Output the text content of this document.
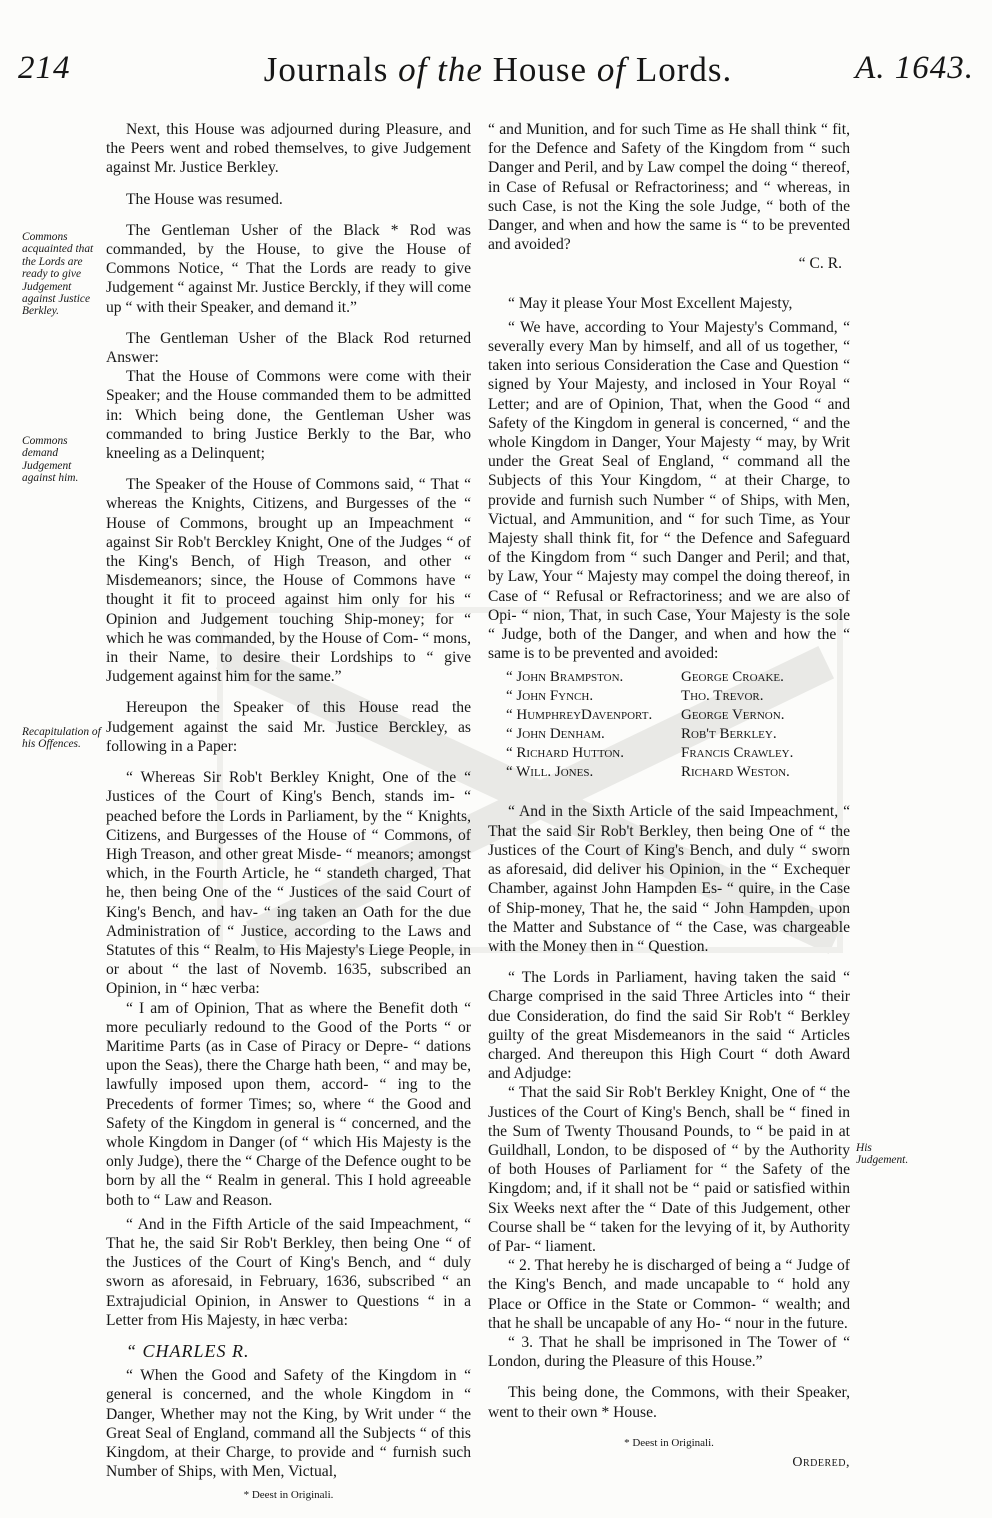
214	Journals of the House of Lords.	A. 1643.
Commons acquainted that the Lords are ready to give Judgement against Justice Berkley.
Commons demand Judgement against him.
Recapitulation of his Offences.
His Judgement.

Next, this House was adjourned during Pleasure, and the Peers went and robed themselves, to give Judgement against Mr. Justice Berkley.

The House was resumed.

The Gentleman Usher of the Black * Rod was commanded, by the House, to give the House of Commons Notice, “ That the Lords are ready to give Judgement “ against Mr. Justice Berckly, if they will come up “ with their Speaker, and demand it.”

The Gentleman Usher of the Black Rod returned Answer:

That the House of Commons were come with their Speaker; and the House commanded them to be admitted in: Which being done, the Gentleman Usher was commanded to bring Justice Berkly to the Bar, who kneeling as a Delinquent;

The Speaker of the House of Commons said, “ That “ whereas the Knights, Citizens, and Burgesses of the “ House of Commons, brought up an Impeachment “ against Sir Rob't Berckley Knight, One of the Judges “ of the King's Bench, of High Treason, and other “ Misdemeanors; since, the House of Commons have “ thought it fit to proceed against him only for his “ Opinion and Judgement touching Ship-money; for “ which he was commanded, by the House of Com- “ mons, in their Name, to desire their Lordships to “ give Judgement against him for the same.”

Hereupon the Speaker of this House read the Judgement against the said Mr. Justice Berckley, as following in a Paper:

“ Whereas Sir Rob't Berkley Knight, One of the “ Justices of the Court of King's Bench, stands im- “ peached before the Lords in Parliament, by the “ Knights, Citizens, and Burgesses of the House of “ Commons, of High Treason, and other great Misde- “ meanors; amongst which, in the Fourth Article, he “ standeth charged, That he, then being One of the “ Justices of the said Court of King's Bench, and hav- “ ing taken an Oath for the due Administration of “ Justice, according to the Laws and Statutes of this “ Realm, to His Majesty's Liege People, in or about “ the last of Novemb. 1635, subscribed an Opinion, in “ hæc verba:

“ I am of Opinion, That as where the Benefit doth “ more peculiarly redound to the Good of the Ports “ or Maritime Parts (as in Case of Piracy or Depre- “ dations upon the Seas), there the Charge hath been, “ and may be, lawfully imposed upon them, accord- “ ing to the Precedents of former Times; so, where “ the Good and Safety of the Kingdom in general is “ concerned, and the whole Kingdom in Danger (of “ which His Majesty is the only Judge), there the “ Charge of the Defence ought to be born by all the “ Realm in general. This I hold agreeable both to “ Law and Reason.

“ And in the Fifth Article of the said Impeachment, “ That he, the said Sir Rob't Berkley, then being One “ of the Justices of the Court of King's Bench, and “ duly sworn as aforesaid, in February, 1636, subscribed “ an Extrajudicial Opinion, in Answer to Questions “ in a Letter from His Majesty, in hæc verba:

“ CHARLES R.

“ When the Good and Safety of the Kingdom in “ general is concerned, and the whole Kingdom in “ Danger, Whether may not the King, by Writ under “ the Great Seal of England, command all the Subjects “ of this Kingdom, at their Charge, to provide and “ furnish such Number of Ships, with Men, Victual,

* Deest in Originali.

“ and Munition, and for such Time as He shall think “ fit, for the Defence and Safety of the Kingdom from “ such Danger and Peril, and by Law compel the doing “ thereof, in Case of Refusal or Refractoriness; and “ whereas, in such Case, is not the King the sole Judge, “ both of the Danger, and when and how the same is “ to be prevented and avoided?

“ C. R.

“ May it please Your Most Excellent Majesty,

“ We have, according to Your Majesty's Command, “ severally every Man by himself, and all of us together, “ taken into serious Consideration the Case and Question “ signed by Your Majesty, and inclosed in Your Royal “ Letter; and are of Opinion, That, when the Good “ and Safety of the Kingdom in general is concerned, “ and the whole Kingdom in Danger, Your Majesty “ may, by Writ under the Great Seal of England, “ command all the Subjects of this Your Kingdom, “ at their Charge, to provide and furnish such Number “ of Ships, with Men, Victual, and Ammunition, and “ for such Time, as Your Majesty shall think fit, for “ the Defence and Safeguard of the Kingdom from “ such Danger and Peril; and that, by Law, Your “ Majesty may compel the doing thereof, in Case of “ Refusal or Refractoriness; and we are also of Opi- “ nion, That, in such Case, Your Majesty is the sole “ Judge, both of the Danger, and when and how the “ same is to be prevented and avoided:

“ John Brampston.	George Croake.
“ John Fynch.	Tho. Trevor.
“ HumphreyDavenport.	George Vernon.
“ John Denham.	Rob't Berkley.
“ Richard Hutton.	Francis Crawley.
“ Will. Jones.	Richard Weston.

“ And in the Sixth Article of the said Impeachment, “ That the said Sir Rob't Berkley, then being One of “ the Justices of the Court of King's Bench, and duly “ sworn as aforesaid, did deliver his Opinion, in the “ Exchequer Chamber, against John Hampden Es- “ quire, in the Case of Ship-money, That he, the said “ John Hampden, upon the Matter and Substance of “ the Case, was chargeable with the Money then in “ Question.

“ The Lords in Parliament, having taken the said “ Charge comprised in the said Three Articles into “ their due Consideration, do find the said Sir Rob't “ Berkley guilty of the great Misdemeanors in the said “ Articles charged. And thereupon this High Court “ doth Award and Adjudge:

“ That the said Sir Rob't Berkley Knight, One of “ the Justices of the Court of King's Bench, shall be “ fined in the Sum of Twenty Thousand Pounds, to “ be paid in at Guildhall, London, to be disposed of “ by the Authority of both Houses of Parliament for “ the Safety of the Kingdom; and, if it shall not be “ paid or satisfied within Six Weeks next after the “ Date of this Judgement, other Course shall be “ taken for the levying of it, by Authority of Par- “ liament.

“ 2. That hereby he is discharged of being a “ Judge of the King's Bench, and made uncapable to “ hold any Place or Office in the State or Common- “ wealth; and that he shall be uncapable of any Ho- “ nour in the future.

“ 3. That he shall be imprisoned in The Tower of “ London, during the Pleasure of this House.”

This being done, the Commons, with their Speaker, went to their own * House.

* Deest in Originali.

Ordered,
